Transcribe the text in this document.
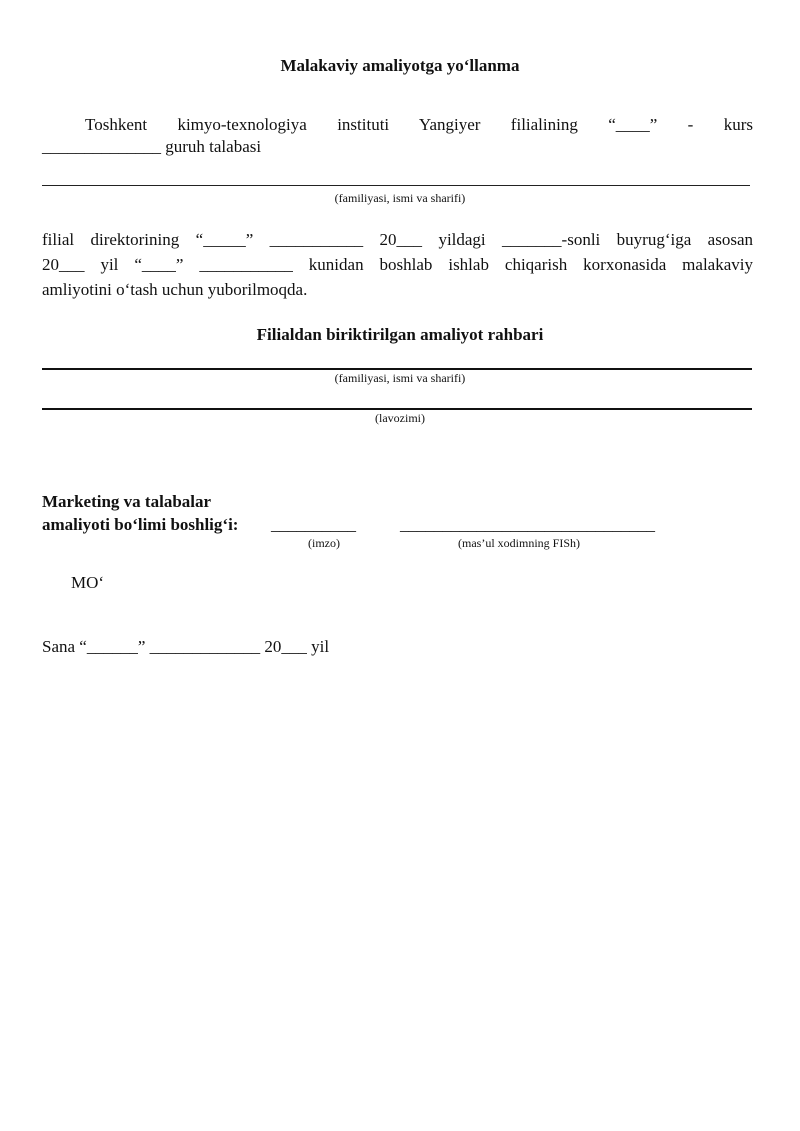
Malakaviy amaliyotga yo‘llanma
Toshkent kimyo-texnologiya instituti Yangiyer filialining “____” - kurs
______________ guruh talabasi
(familiyasi, ismi va sharifi)
filial direktorining “_____” ___________ 20___ yildagi _______-sonli buyrug‘iga asosan
20___ yil “____” ___________ kunidan boshlab ishlab chiqarish korxonasida malakaviy
amliyotini o‘tash uchun yuborilmoqda.
Filialdan biriktirilgan amaliyot rahbari
(familiyasi, ismi va sharifi)
(lavozimi)
Marketing va talabalar
amaliyoti bo‘limi boshlig‘i: __________	______________________________
(imzo)	(mas’ul xodimning FISh)
MO‘
Sana “______” _____________ 20___ yil
